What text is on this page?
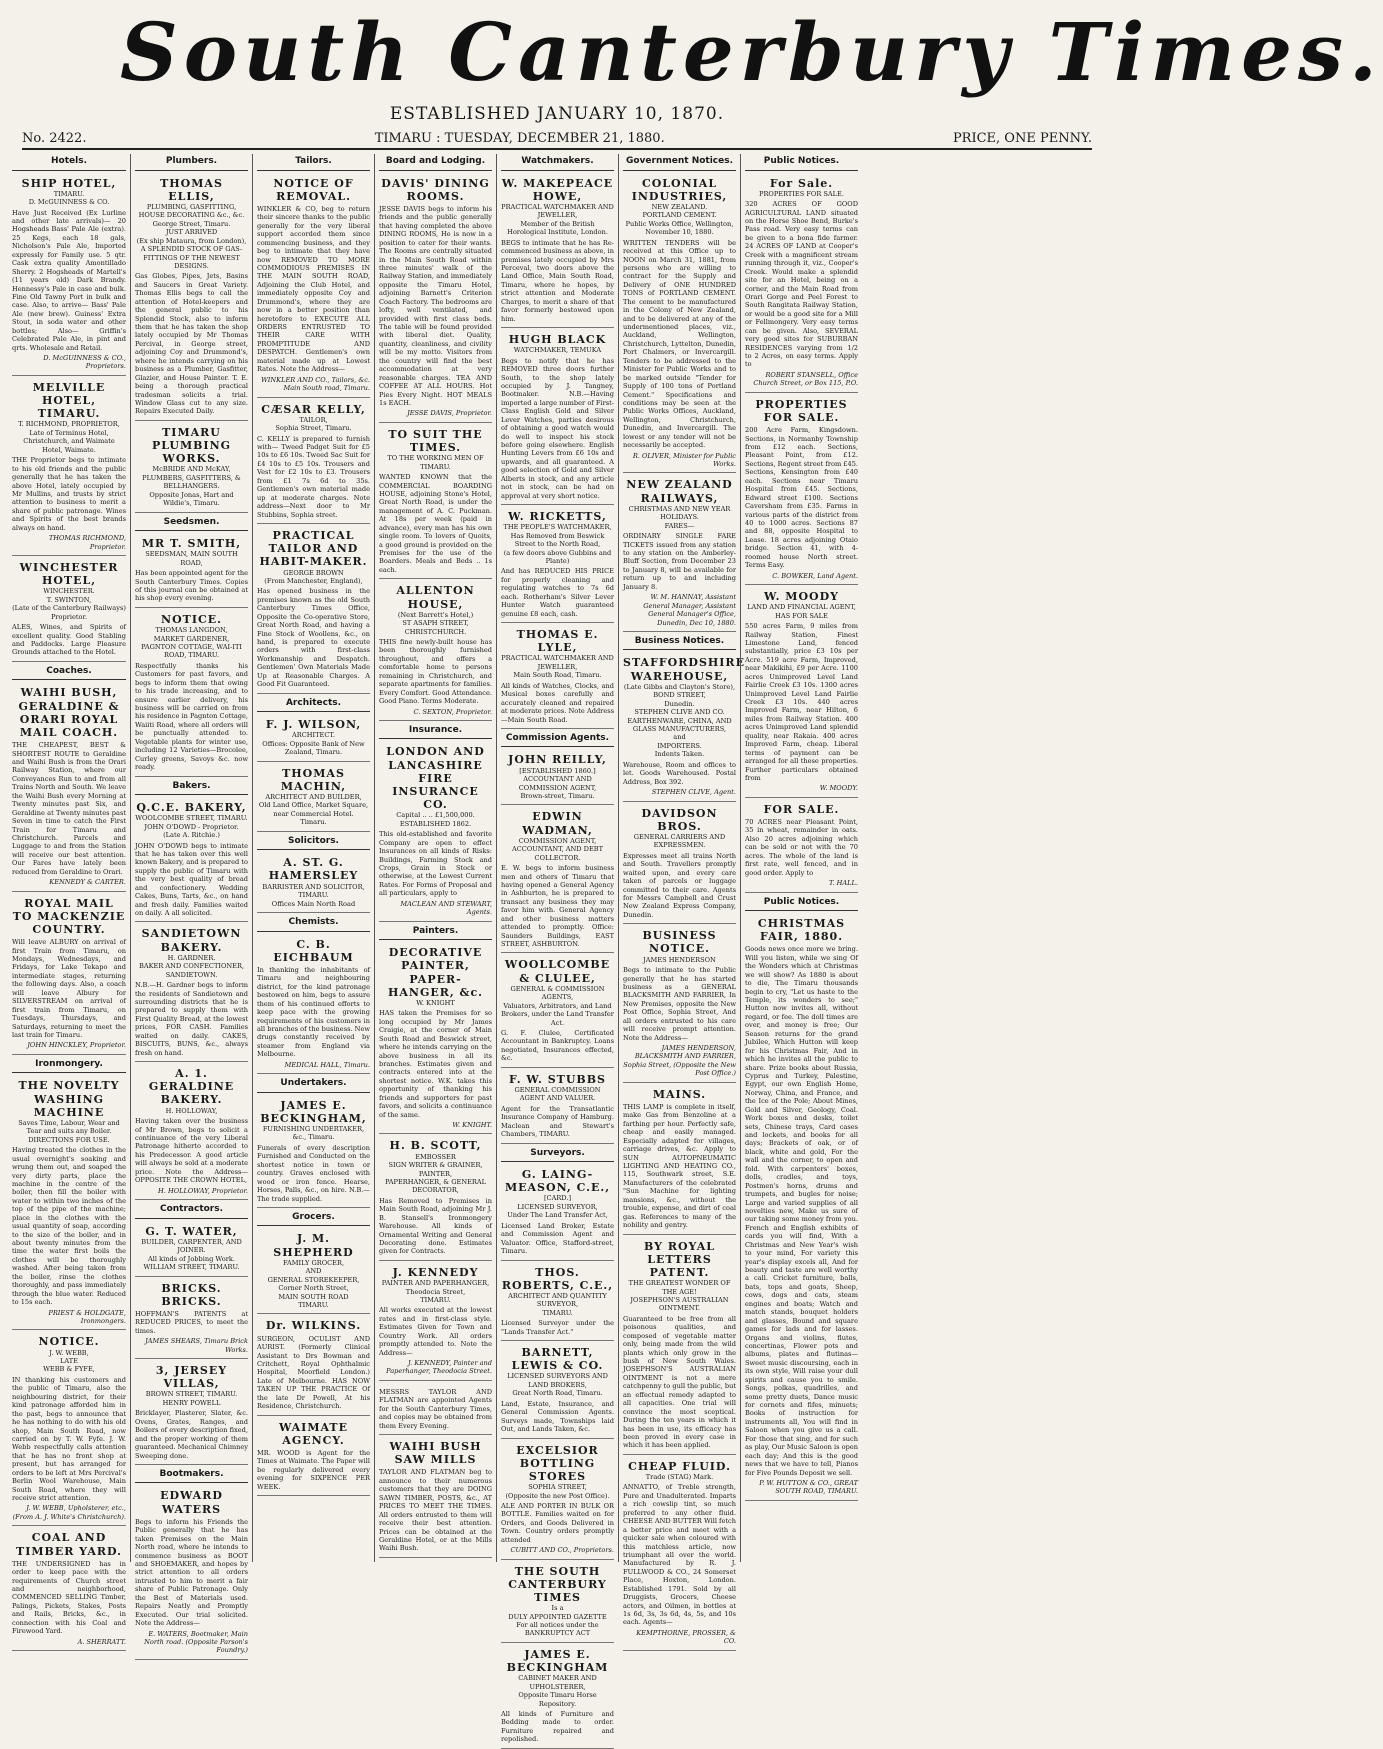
South Canterbury Times.
ESTABLISHED JANUARY 10, 1870.
No. 2422.	TIMARU : TUESDAY, DECEMBER 21, 1880.	PRICE, ONE PENNY.
Hotels.
SHIP HOTEL,
TIMARU.
D. McGUINNESS & CO.
Have Just Received (Ex Lurline and other late arrivals)— 20 Hogsheads Bass' Pale Ale (extra). 25 Kegs, each 18 gals, Nicholson's Pale Ale, Imported expressly for Family use. 5 qtr. Cask extra quality Amontillado Sherry. 2 Hogsheads of Martell's (11 years old) Dark Brandy. Hennessy's Pale in case and bulk. Fine Old Tawny Port in bulk and case. Also, to arrive— Bass' Pale Ale (new brew). Guiness' Extra Stout, in soda water and other bottles; Also— Griffin's Celebrated Pale Ale, in pint and qrts. Wholesale and Retail.
D. McGUINNESS & CO., Proprietors.
MELVILLE HOTEL, TIMARU.
T. RICHMOND, PROPRIETOR,
Late of Terminus Hotel, Christchurch, and Waimate Hotel, Waimate.
THE Proprietor begs to intimate to his old friends and the public generally that he has taken the above Hotel, lately occupied by Mr Mullins, and trusts by strict attention to business to merit a share of public patronage. Wines and Spirits of the best brands always on hand.
THOMAS RICHMOND, Proprietor.
WINCHESTER HOTEL,
WINCHESTER.
T. SWINTON,
(Late of the Canterbury Railways) Proprietor.
ALES, Wines, and Spirits of excellent quality. Good Stabling and Paddocks. Large Pleasure Grounds attached to the Hotel.
Coaches.
WAIHI BUSH, GERALDINE & ORARI ROYAL MAIL COACH.
THE CHEAPEST, BEST & SHORTEST ROUTE to Geraldine and Waihi Bush is from the Orari Railway Station, where our Conveyances Run to and from all Trains North and South. We leave the Waihi Bush every Morning at Twenty minutes past Six, and Geraldine at Twenty minutes past Seven in time to catch the First Train for Timaru and Christchurch. Parcels and Luggage to and from the Station will receive our best attention. Our Fares have lately been reduced from Geraldine to Orari.
KENNEDY & CARTER.
ROYAL MAIL TO MACKENZIE COUNTRY.
Will leave ALBURY on arrival of first Train from Timaru, on Mondays, Wednesdays, and Fridays, for Lake Tekapo and intermediate stages, returning the following days. Also, a coach will leave Albury for SILVERSTREAM on arrival of first train from Timaru, on Tuesdays, Thursdays, and Saturdays, returning to meet the last train for Timaru.
JOHN HINCKLEY, Proprietor.
Ironmongery.
THE NOVELTY WASHING MACHINE
Saves Time, Labour, Wear and Tear and suits any Boiler.
DIRECTIONS FOR USE.
Having treated the clothes in the usual overnight's soaking and wrung them out, and soaped the very dirty parts, place the machine in the centre of the boiler, then fill the boiler with water to within two inches of the top of the pipe of the machine; place in the clothes with the usual quantity of soap, according to the size of the boiler, and in about twenty minutes from the time the water first boils the clothes will be thoroughly washed. After being taken from the boiler, rinse the clothes thoroughly, and pass immediately through the blue water. Reduced to 15s each.
PRIEST & HOLDGATE, Ironmongers.
NOTICE.
J. W. WEBB,
LATE
WEBB & FYFE,
IN thanking his customers and the public of Timaru, also the neighbouring district, for their kind patronage afforded him in the past, begs to announce that he has nothing to do with his old shop, Main South Road, now carried on by T. W. Fyfe. J. W. Webb respectfully calls attention that he has no front shop at present, but has arranged for orders to be left at Mrs Percival's Berlin Wool Warehouse, Main South Road, where they will receive strict attention.
J. W. WEBB, Upholsterer, etc., (From A. J. White's Christchurch).
COAL AND TIMBER YARD.
THE UNDERSIGNED has in order to keep pace with the requirements of Church street and neighborhood, COMMENCED SELLING Timber, Palings, Pickets, Stakes, Posts and Rails, Bricks, &c., in connection with his Coal and Firewood Yard.
A. SHERRATT.
Plumbers.
THOMAS ELLIS,
PLUMBING, GASFITTING, HOUSE DECORATING &c., &c.
George Street, Timaru.
JUST ARRIVED
(Ex ship Mataura, from London),
A SPLENDID STOCK OF GAS-FITTINGS OF THE NEWEST DESIGNS.
Gas Globes, Pipes, Jets, Basins and Saucers in Great Variety. Thomas Ellis begs to call the attention of Hotel-keepers and the general public to his Splendid Stock, also to inform them that he has taken the shop lately occupied by Mr Thomas Percival, in George street, adjoining Coy and Drummond's, where he intends carrying on his business as a Plumber, Gasfitter, Glazier, and House Painter. T. E. being a thorough practical tradesman solicits a trial. Window Glass cut to any size. Repairs Executed Daily.
TIMARU PLUMBING WORKS.
McBRIDE AND McKAY,
PLUMBERS, GASFITTERS, & BELLHANGERS.
Opposite Jonas, Hart and Wildie's, Timaru.
Seedsmen.
MR T. SMITH,
SEEDSMAN, MAIN SOUTH ROAD,
Has been appointed agent for the South Canterbury Times. Copies of this journal can be obtained at his shop every evening.
NOTICE.
THOMAS LANGDON,
MARKET GARDENER,
PAGNTON COTTAGE, WAI-ITI ROAD, TIMARU.
Respectfully thanks his Customers for past favors, and begs to inform them that owing to his trade increasing, and to ensure earlier delivery, his business will be carried on from his residence in Pagnton Cottage, Waiiti Road, where all orders will be punctually attended to. Vegetable plants for winter use, including 12 Varieties—Brocolee, Curley greens, Savoys &c. now ready.
Bakers.
Q.C.E. BAKERY,
WOOLCOMBE STREET, TIMARU.
JOHN O'DOWD - Proprietor.
(Late A. Ritchie.)
JOHN O'DOWD begs to intimate that he has taken over this well known Bakery, and is prepared to supply the public of Timaru with the very best quality of bread and confectionery. Wedding Cakes, Buns, Tarts, &c., on hand and fresh daily. Families waited on daily. A all solicited.
SANDIETOWN BAKERY.
H. GARDNER.
BAKER AND CONFECTIONER, SANDIETOWN.
N.B.—H. Gardner begs to inform the residents of Sandietown and surrounding districts that he is prepared to supply them with First Quality Bread, at the lowest prices, FOR CASH. Families waited on daily. CAKES, BISCUITS, BUNS, &c., always fresh on hand.
A. 1. GERALDINE BAKERY.
H. HOLLOWAY,
Having taken over the business of Mr Brown, begs to solicit a continuance of the very Liberal Patronage hitherto accorded to his Predecessor. A good article will always be sold at a moderate price. Note the Address— OPPOSITE THE CROWN HOTEL,
H. HOLLOWAY, Proprietor.
Contractors.
G. T. WATER,
BUILDER, CARPENTER, AND JOINER.
All kinds of Jobbing Work.
WILLIAM STREET, TIMARU.
BRICKS. BRICKS.
HOFFMAN'S PATENTS at REDUCED PRICES, to meet the times.
JAMES SHEARS, Timaru Brick Works.
3, JERSEY VILLAS,
BROWN STREET, TIMARU.
HENRY POWELL
Bricklayer, Plasterer, Slater, &c. Ovens, Grates, Ranges, and Boilers of every description fixed, and the proper working of them guaranteed. Mechanical Chimney Sweeping done.
Bootmakers.
EDWARD WATERS
Begs to inform his Friends the Public generally that he has taken Premises on the Main North road, where he intends to commence business as BOOT and SHOEMAKER, and hopes by strict attention to all orders intrusted to him to merit a fair share of Public Patronage. Only the Best of Materials used. Repairs Neatly and Promptly Executed. Our trial solicited. Note the Address—
E. WATERS, Bootmaker, Main North road. (Opposite Parson's Foundry.)
Tailors.
NOTICE OF REMOVAL.
WINKLER & CO, beg to return their sincere thanks to the public generally for the very liberal support accorded them since commencing business, and they beg to intimate that they have now REMOVED TO MORE COMMODIOUS PREMISES IN THE MAIN SOUTH ROAD, Adjoining the Club Hotel, and immediately opposite Coy and Drummond's, where they are now in a better position than heretofore to EXECUTE ALL ORDERS ENTRUSTED TO THEIR CARE WITH PROMPTITUDE AND DESPATCH. Gentlemen's own material made up at Lowest Rates. Note the Address—
WINKLER AND CO., Tailors, &c. Main South road, Timaru.
CÆSAR KELLY,
TAILOR,
Sophia Street, Timaru.
C. KELLY is prepared to furnish with— Tweed Padget Suit for £5 10s to £6 10s. Tweed Sac Suit for £4 10s to £5 10s. Trousers and Vest for £2 10s to £3. Trousers from £1 7s 6d to 35s. Gentlemen's own material made up at moderate charges. Note address—Next door to Mr Stubbins, Sophia street.
PRACTICAL TAILOR AND HABIT-MAKER.
GEORGE BROWN
(From Manchester, England),
Has opened business in the premises known as the old South Canterbury Times Office, Opposite the Co-operative Store, Great North Road, and having a Fine Stock of Woollens, &c., on hand, is prepared to execute orders with first-class Workmanship and Despatch. Gentlemen' Own Materials Made Up at Reasonable Charges. A Good Fit Guaranteed.
Architects.
F. J. WILSON,
ARCHITECT.
Offices: Opposite Bank of New Zealand, Timaru.
THOMAS MACHIN,
ARCHITECT AND BUILDER,
Old Land Office, Market Square, near Commercial Hotel.
Timaru.
Solicitors.
A. ST. G. HAMERSLEY
BARRISTER AND SOLICITOR,
TIMARU.
Offices Main North Road
Chemists.
C. B. EICHBAUM
In thanking the inhabitants of Timaru and neighbouring district, for the kind patronage bestowed on him, begs to assure them of his continued efforts to keep pace with the growing requirements of his customers in all branches of the business. New drugs constantly received by steamer from England via Melbourne.
MEDICAL HALL, Timaru.
Undertakers.
JAMES E. BECKINGHAM,
FURNISHING UNDERTAKER, &c., Timaru.
Funerals of every description Furnished and Conducted on the shortest notice in town or country. Graves enclosed with wood or iron fence. Hearse, Horses, Palls, &c., on hire. N.B.—The trade supplied.
Grocers.
J. M. SHEPHERD
FAMILY GROCER,
AND
GENERAL STOREKEEPER,
Corner North Street,
MAIN SOUTH ROAD
TIMARU.
Dr. WILKINS.
SURGEON, OCULIST AND AURIST. (Formerly Clinical Assistant to Drs Bowman and Critchett, Royal Ophthalmic Hospital, Moorfield London.) Late of Melbourne. HAS NOW TAKEN UP THE PRACTICE Of the late Dr Powell, At his Residence, Christchurch.
WAIMATE AGENCY.
MR. WOOD is Agent for the Times at Waimate. The Paper will be regularly delivered every evening for SIXPENCE PER WEEK.
Board and Lodging.
DAVIS' DINING ROOMS.
JESSE DAVIS begs to inform his friends and the public generally that having completed the above DINING ROOMS, He is now in a position to cater for their wants. The Rooms are centrally situated in the Main South Road within three minutes' walk of the Railway Station, and immediately opposite the Timaru Hotel, adjoining Barnett's Criterion Coach Factory. The bedrooms are lofty, well ventilated, and provided with first class beds. The table will be found provided with liberal diet. Quality, quantity, cleanliness, and civility will be my motto. Visitors from the country will find the best accommodation at very reasonable charges. TEA AND COFFEE AT ALL HOURS. Hot Pies Every Night. HOT MEALS 1s EACH.
JESSE DAVIS, Proprietor.
TO SUIT THE TIMES.
TO THE WORKING MEN OF TIMARU.
WANTED KNOWN that the COMMERCIAL BOARDING HOUSE, adjoining Stone's Hotel, Great North Road, is under the management of A. C. Puckman. At 18s per week (paid in advance), every man has his own single room. To lovers of Quoits, a good ground is provided on the Premises for the use of the Boarders. Meals and Beds .. 1s each.
ALLENTON HOUSE,
(Next Barrett's Hotel,)
ST ASAPH STREET, CHRISTCHURCH.
THIS fine newly-built house has been thoroughly furnished throughout, and offers a comfortable home to persons remaining in Christchurch, and separate apartments for families. Every Comfort. Good Attendance. Good Piano. Terms Moderate.
C. SEXTON, Proprietor.
Insurance.
LONDON AND LANCASHIRE FIRE INSURANCE CO.
Capital .. .. £1,500,000.
ESTABLISHED 1862.
This old-established and favorite Company are open to effect Insurances on all kinds of Risks: Buildings, Farming Stock and Crops, Grain in Stock or otherwise, at the Lowest Current Rates. For Forms of Proposal and all particulars, apply to
MACLEAN AND STEWART, Agents.
Painters.
DECORATIVE PAINTER, PAPER-HANGER, &c.
W. KNIGHT
HAS taken the Premises for so long occupied by Mr James Craigie, at the corner of Main South Road and Beswick street, where he intends carrying on the above business in all its branches. Estimates given and contracts entered into at the shortest notice. W.K. takes this opportunity of thanking his friends and supporters for past favors, and solicits a continuance of the same.
W. KNIGHT.
H. B. SCOTT,
EMBOSSER
SIGN WRITER & GRAINER, PAINTER,
PAPERHANGER, & GENERAL
DECORATOR,
Has Removed to Premises in Main South Road, adjoining Mr J. B. Stansell's Ironmongery Warehouse. All kinds of Ornamental Writing and General Decorating done. Estimates given for Contracts.
J. KENNEDY
PAINTER AND PAPERHANGER,
Theodocia Street,
TIMARU.
All works executed at the lowest rates and in first-class style. Estimates Given for Town and Country Work. All orders promptly attended to. Note the Address—
J. KENNEDY, Painter and Paperhanger, Theodocia Street.
MESSRS TAYLOR AND FLATMAN are appointed Agents for the South Canterbury Times, and copies may be obtained from them Every Evening.
WAIHI BUSH SAW MILLS
TAYLOR AND FLATMAN beg to announce to their numerous customers that they are DOING SAWN TIMBER, POSTS, &c., AT PRICES TO MEET THE TIMES. All orders entrusted to them will receive their best attention. Prices can be obtained at the Geraldine Hotel, or at the Mills Waihi Bush.
Watchmakers.
W. MAKEPEACE HOWE,
PRACTICAL WATCHMAKER AND JEWELLER,
Member of the British Horological Institute, London.
BEGS to intimate that he has Re-commenced business as above, in premises lately occupied by Mrs Perceval, two doors above the Land Office, Main South Road, Timaru, where he hopes, by strict attention and Moderate Charges, to merit a share of that favor formerly bestowed upon him.
HUGH BLACK
WATCHMAKER, TEMUKA
Begs to notify that he has REMOVED three doors further South, to the shop lately occupied by J. Tangney, Bootmaker. N.B.—Having imported a large number of First-Class English Gold and Silver Lever Watches, parties desirous of obtaining a good watch would do well to inspect his stock before going elsewhere. English Hunting Levers from £6 10s and upwards, and all guaranteed. A good selection of Gold and Silver Alberts in stock, and any article not in stock, can be had on approval at very short notice.
W. RICKETTS,
THE PEOPLE'S WATCHMAKER,
Has Removed from Beswick Street to the North Road,
(a few doors above Gubbins and Plante)
And has REDUCED HIS PRICE for properly cleaning and regulating watches to 7s 6d each. Rotherham's Silver Lever Hunter Watch guaranteed genuine £8 each, cash.
THOMAS E. LYLE,
PRACTICAL WATCHMAKER AND JEWELLER,
Main South Road, Timaru.
All kinds of Watches, Clocks, and Musical boxes carefully and accurately cleaned and repaired at moderate prices. Note Address—Main South Road.
Commission Agents.
JOHN REILLY,
[ESTABLISHED 1860.]
ACCOUNTANT AND COMMISSION AGENT,
Brown-street, Timaru.
EDWIN WADMAN,
COMMISSION AGENT, ACCOUNTANT, AND DEBT COLLECTOR.
E. W. begs to inform business men and others of Timaru that having opened a General Agency in Ashburton, he is prepared to transact any business they may favor him with. General Agency and other business matters attended to promptly. Office: Saunders Buildings, EAST STREET, ASHBURTON.
WOOLLCOMBE & CLULEE,
GENERAL & COMMISSION AGENTS,
Valuators, Arbitrators, and Land Brokers, under the Land Transfer Act.
G. F. Clulee, Certificated Accountant in Bankruptcy. Loans negotiated, Insurances effected, &c.
F. W. STUBBS
GENERAL COMMISSION AGENT AND VALUER.
Agent for the Transatlantic Insurance Company of Hamburg. Maclean and Stewart's Chambers, TIMARU.
Surveyors.
G. LAING-MEASON, C.E.,
[CARD.]
LICENSED SURVEYOR,
Under The Land Transfer Act,
Licensed Land Broker, Estate and Commission Agent and Valuator. Office, Stafford-street, Timaru.
THOS. ROBERTS, C.E.,
ARCHITECT AND QUANTITY SURVEYOR,
TIMARU.
Licensed Surveyor under the "Lands Transfer Act."
BARNETT, LEWIS & CO.
LICENSED SURVEYORS AND LAND BROKERS,
Great North Road, Timaru.
Land, Estate, Insurance, and General Commission Agents. Surveys made, Townships laid Out, and Lands Taken, &c.
EXCELSIOR BOTTLING STORES
SOPHIA STREET,
(Opposite the new Post Office).
ALE AND PORTER IN BULK OR BOTTLE. Families waited on for Orders, and Goods Delivered in Town. Country orders promptly attended
CUBITT AND CO., Proprietors.
THE SOUTH CANTERBURY TIMES
Is a
DULY APPOINTED GAZETTE
For all notices under the BANKRUPTCY ACT
JAMES E. BECKINGHAM
CABINET MAKER AND UPHOLSTERER,
Opposite Timaru Horse Repository.
All kinds of Furniture and Bedding made to order. Furniture repaired and repolished.
Government Notices.
COLONIAL INDUSTRIES,
NEW ZEALAND.
PORTLAND CEMENT.
Public Works Office, Wellington, November 10, 1880.
WRITTEN TENDERS will be received at this Office up to NOON on March 31, 1881, from persons who are willing to contract for the Supply and Delivery of ONE HUNDRED TONS of PORTLAND CEMENT. The cement to be manufactured in the Colony of New Zealand, and to be delivered at any of the undermentioned places, viz., Auckland, Wellington, Christchurch, Lyttelton, Dunedin, Port Chalmers, or Invercargill. Tenders to be addressed to the Minister for Public Works and to be marked outside "Tender for Supply of 100 tons of Portland Cement." Specifications and conditions may be seen at the Public Works Offices, Auckland, Wellington, Christchurch, Dunedin, and Invercargill. The lowest or any tender will not be necessarily be accepted.
R. OLIVER, Minister for Public Works.
NEW ZEALAND RAILWAYS,
CHRISTMAS AND NEW YEAR HOLIDAYS.
FARES—
ORDINARY SINGLE FARE TICKETS issued from any station to any station on the Amberley-Bluff Section, from December 23 to January 8, will be available for return up to and including January 8.
W. M. HANNAY, Assistant General Manager, Assistant General Manager's Office, Dunedin, Dec 10, 1880.
Business Notices.
STAFFORDSHIRE WAREHOUSE,
(Late Gibbs and Clayton's Store),
BOND STREET,
Dunedin.
STEPHEN CLIVE AND CO.
EARTHENWARE, CHINA, AND GLASS MANUFACTURERS,
and
IMPORTERS.
Indents Taken.
Warehouse, Room and offices to let. Goods Warehoused. Postal Address, Box 392.
STEPHEN CLIVE, Agent.
DAVIDSON BROS.
GENERAL CARRIERS AND EXPRESSMEN.
Expresses meet all trains North and South. Travellers promptly waited upon, and every care taken of parcels or luggage committed to their care. Agents for Messrs Campbell and Crust New Zealand Express Company, Dunedin.
BUSINESS NOTICE.
JAMES HENDERSON
Begs to intimate to the Public generally that he has started business as a GENERAL BLACKSMITH AND FARRIER, In New Premises, opposite the New Post Office, Sophia Street, And all orders entrusted to his care will receive prompt attention. Note the Address—
JAMES HENDERSON, BLACKSMITH AND FARRIER, Sophia Street, (Opposite the New Post Office.)
MAINS.
THIS LAMP is complete in itself, make Gas from Benzoline at a farthing per hour. Perfectly safe, cheap and easily managed. Especially adapted for villages, carriage drives, &c. Apply to SUN AUTOPNEUMATIC LIGHTING AND HEATING CO., 115, Southwark street, S.E. Manufacturers of the celebrated "Sun Machine for lighting mansions, &c., without the trouble, expense, and dirt of coal gas. References to many of the nobility and gentry.
BY ROYAL LETTERS PATENT.
THE GREATEST WONDER OF THE AGE!
JOSEPHSON'S AUSTRALIAN OINTMENT.
Guaranteed to be free from all poisonous qualities, and composed of vegetable matter only, being made from the wild plants which only grow in the bush of New South Wales. JOSEPHSON'S AUSTRALIAN OINTMENT is not a mere catchpenny to gull the public, but an effectual remedy adapted to all capacities. One trial will convince the most sceptical. During the ten years in which it has been in use, its efficacy has been proved in every case in which it has been applied.
CHEAP FLUID.
Trade (STAG) Mark.
ANNATTO, of Treble strength, Pure and Unadulterated. Imparts a rich cowslip tint, so much preferred to any other fluid. CHEESE AND BUTTER Will fetch a better price and meet with a quicker sale when coloured with this matchless article, now triumphant all over the world. Manufactured by R. J. FULLWOOD & CO., 24 Somerset Place, Hoxton, London. Established 1791. Sold by all Druggists, Grocers, Cheese actors, and Oilmen, in bottles at 1s 6d, 3s, 3s 6d, 4s, 5s, and 10s each. Agents—
KEMPTHORNE, PROSSER, & CO.
Public Notices.
For Sale.
PROPERTIES FOR SALE.
320 ACRES OF GOOD AGRICULTURAL LAND situated on the Horse Shoe Bend, Burke's Pass road. Very easy terms can be given to a bona fide farmer. 24 ACRES OF LAND at Cooper's Creek with a magnificent stream running through it, viz., Cooper's Creek. Would make a splendid site for an Hotel, being on a corner, and the Main Road from Orari Gorge and Peel Forest to South Rangitata Railway Station, or would be a good site for a Mill or Fellmongery. Very easy terms can be given. Also, SEVERAL very good sites for SUBURBAN RESIDENCES varying from 1/2 to 2 Acres, on easy terms. Apply to
ROBERT STANSELL, Office Church Street, or Box 115, P.O.
PROPERTIES FOR SALE.
200 Acre Farm, Kingsdown. Sections, in Normanby Township from £12 each. Sections, Pleasant Point, from £12. Sections, Regent street from £45. Sections, Kensington from £40 each. Sections near Timaru Hospital from £45. Sections, Edward street £100. Sections Caversham from £35. Farms in various parts of the district from 40 to 1000 acres. Sections 87 and 88, opposite Hospital to Lease. 18 acres adjoining Otaio bridge. Section 41, with 4-roomed house North street. Terms Easy.
C. BOWKER, Land Agent.
W. MOODY
LAND AND FINANCIAL AGENT,
HAS FOR SALE
550 acres Farm, 9 miles from Railway Station, Finest Limestone Land, fenced substantially, price £3 10s per Acre. 519 acre Farm, Improved, near Makikihi, £9 per Acre. 1100 acres Unimproved Level Land Fairlie Creek £3 10s. 1300 acres Unimproved Level Land Fairlie Creek £3 10s. 440 acres Improved Farm, near Hilton, 6 miles from Railway Station. 400 acres Unimproved Land splendid quality, near Rakaia. 400 acres Improved Farm, cheap. Liberal terms of payment can be arranged for all these properties. Further particulars obtained from
W. MOODY.
FOR SALE.
70 ACRES near Pleasant Point, 35 in wheat, remainder in oats. Also 20 acres adjoining which can be sold or not with the 70 acres. The whole of the land is first rate, well fenced, and in good order. Apply to
T. HALL.
Public Notices.
CHRISTMAS FAIR, 1880.
Goods news once more we bring. Will you listen, while we sing Of the Wonders which at Christmas we will show? As 1880 is about to die, The Timaru thousands begin to cry, "Let us haste to the Temple, its wonders to see;" Hutton now invites all, without regard, or fee. The doll times are over, and money is free; Our Season returns for the grand Jubilee, Which Hutton will keep for his Christmas Fair, And in which he invites all the public to share. Prize books about Russia, Cyprus and Turkey, Palestine, Egypt, our own English Home, Norway, China, and France, and the Ice of the Pole; About Mines, Gold and Silver, Geology, Coal. Work boxes and desks, toilet sets, Chinese trays, Card cases and lockets, and books for all days; Brackets of oak, or of black, white and gold, For the wall and the corner, to open and fold. With carpenters' boxes, dolls, cradles, and toys, Postmen's horns, drums and trumpets, and bugles for noise; Large and varied supplies of all novelties new, Make us sure of our taking some money from you. French and English exhibits of cards you will find, With a Christmas and New Year's wish to your mind, For variety this year's display excels all, And for beauty and taste are well worthy a call. Cricket furniture, balls, bats, tops and goats, Sheep, cows, dogs and cats, steam engines and boats; Watch and match stands, bouquet holders and glasses, Bound and square games for lads and for lasses. Organs and violins, flutes, concertinas, Flower pots and albums, plates and flutinas— Sweet music discoursing, each in its own style, Will raise your dull spirits and cause you to smile. Songs, polkas, quadrilles, and some pretty duets, Dance music for cornets and fifes, minuets; Books of instruction for instruments all, You will find in Saloon when you give us a call. For those that sing, and for such as play, Our Music Saloon is open each day; And this is the good news that we have to tell, Pianos for Five Pounds Deposit we sell.
P. W. HUTTON & CO., GREAT SOUTH ROAD, TIMARU.
